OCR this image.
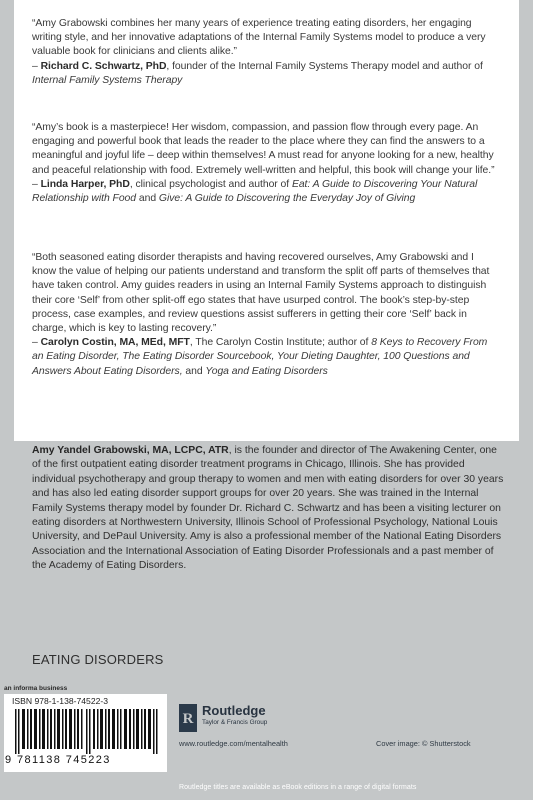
“Amy Grabowski combines her many years of experience treating eating disorders, her engaging writing style, and her innovative adaptations of the Internal Family Systems model to produce a very valuable book for clinicians and clients alike.”

– Richard C. Schwartz, PhD, founder of the Internal Family Systems Therapy model and author of Internal Family Systems Therapy

“Amy’s book is a masterpiece! Her wisdom, compassion, and passion flow through every page. An engaging and powerful book that leads the reader to the place where they can find the answers to a meaningful and joyful life – deep within themselves! A must read for anyone looking for a new, healthy and peaceful relationship with food. Extremely well-written and helpful, this book will change your life.”

– Linda Harper, PhD, clinical psychologist and author of Eat: A Guide to Discovering Your Natural Relationship with Food and Give: A Guide to Discovering the Everyday Joy of Giving

“Both seasoned eating disorder therapists and having recovered ourselves, Amy Grabowski and I know the value of helping our patients understand and transform the split off parts of themselves that have taken control. Amy guides readers in using an Internal Family Systems approach to distinguish their core ‘Self’ from other split-off ego states that have usurped control. The book’s step-by-step process, case examples, and review questions assist sufferers in getting their core ‘Self’ back in charge, which is key to lasting recovery.”

– Carolyn Costin, MA, MEd, MFT, The Carolyn Costin Institute; author of 8 Keys to Recovery From an Eating Disorder, The Eating Disorder Sourcebook, Your Dieting Daughter, 100 Questions and Answers About Eating Disorders, and Yoga and Eating Disorders

Amy Yandel Grabowski, MA, LCPC, ATR, is the founder and director of The Awakening Center, one of the first outpatient eating disorder treatment programs in Chicago, Illinois. She has provided individual psychotherapy and group therapy to women and men with eating disorders for over 30 years and has also led eating disorder support groups for over 20 years. She was trained in the Internal Family Systems therapy model by founder Dr. Richard C. Schwartz and has been a visiting lecturer on eating disorders at Northwestern University, Illinois School of Professional Psychology, National Louis University, and DePaul University. Amy is also a professional member of the National Eating Disorders Association and the International Association of Eating Disorder Professionals and a past member of the Academy of Eating Disorders.
EATING DISORDERS
an informa business
ISBN 978-1-138-74522-3
9 781138 745223
R
Routledge
Taylor & Francis Group
www.routledge.com/mentalhealth	Cover image: © Shutterstock
Routledge titles are available as eBook editions in a range of digital formats
